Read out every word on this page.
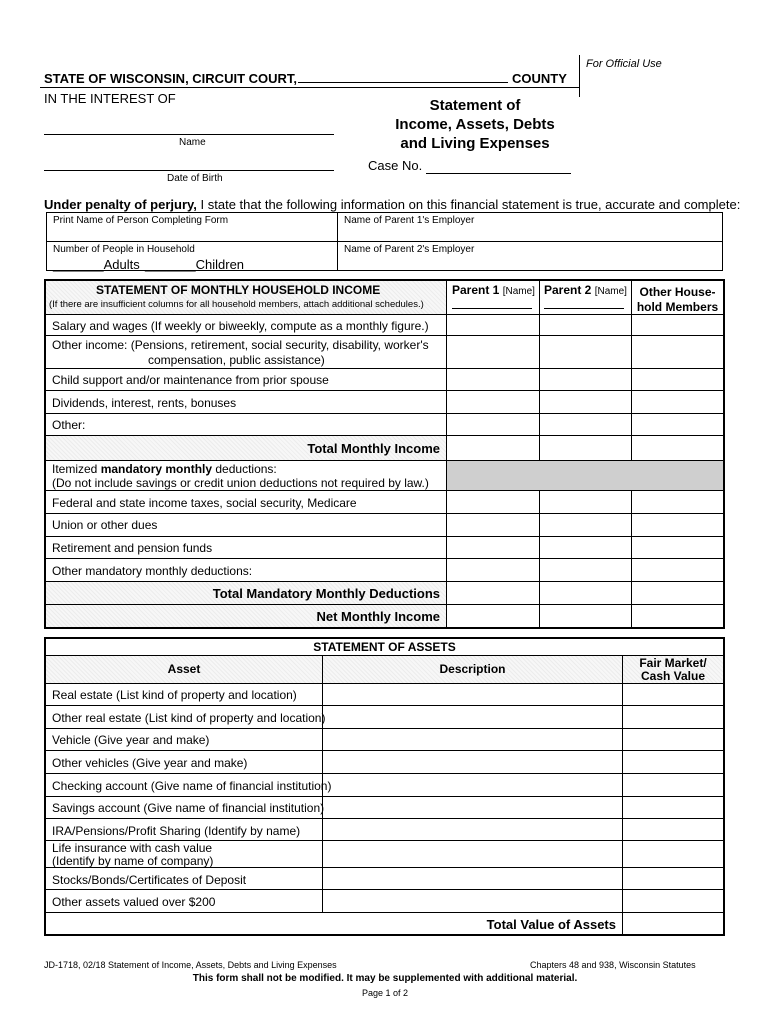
For Official Use
STATE OF WISCONSIN, CIRCUIT COURT,	COUNTY
IN THE INTEREST OF
Name
Date of Birth
Statement of
Income, Assets, Debts
and Living Expenses
Case No.
Under penalty of perjury, I state that the following information on this financial statement is true, accurate and complete:
Print Name of Person Completing Form	Name of Parent 1's Employer
Number of People in Household
_______Adults _______Children
Name of Parent 2's Employer
STATEMENT OF MONTHLY HOUSEHOLD INCOME
(If there are insufficient columns for all household members, attach additional schedules.)
Parent 1 [Name] Parent 2 [Name]	Other House-
hold Members
Salary and wages (If weekly or biweekly, compute as a monthly figure.)
Other income: (Pensions, retirement, social security, disability, worker's
compensation, public assistance)
Child support and/or maintenance from prior spouse
Dividends, interest, rents, bonuses
Other:
Total Monthly Income
Itemized mandatory monthly deductions:
(Do not include savings or credit union deductions not required by law.)
Federal and state income taxes, social security, Medicare
Union or other dues
Retirement and pension funds
Other mandatory monthly deductions:
Total Mandatory Monthly Deductions
Net Monthly Income
STATEMENT OF ASSETS
Asset	Description	Fair Market/
Cash Value
Real estate (List kind of property and location)
Other real estate (List kind of property and location)
Vehicle (Give year and make)
Other vehicles (Give year and make)
Checking account (Give name of financial institution)
Savings account (Give name of financial institution)
IRA/Pensions/Profit Sharing (Identify by name)
Life insurance with cash value
(Identify by name of company)
Stocks/Bonds/Certificates of Deposit
Other assets valued over $200
Total Value of Assets
JD-1718, 02/18 Statement of Income, Assets, Debts and Living Expenses	Chapters 48 and 938, Wisconsin Statutes
This form shall not be modified. It may be supplemented with additional material.
Page 1 of 2
